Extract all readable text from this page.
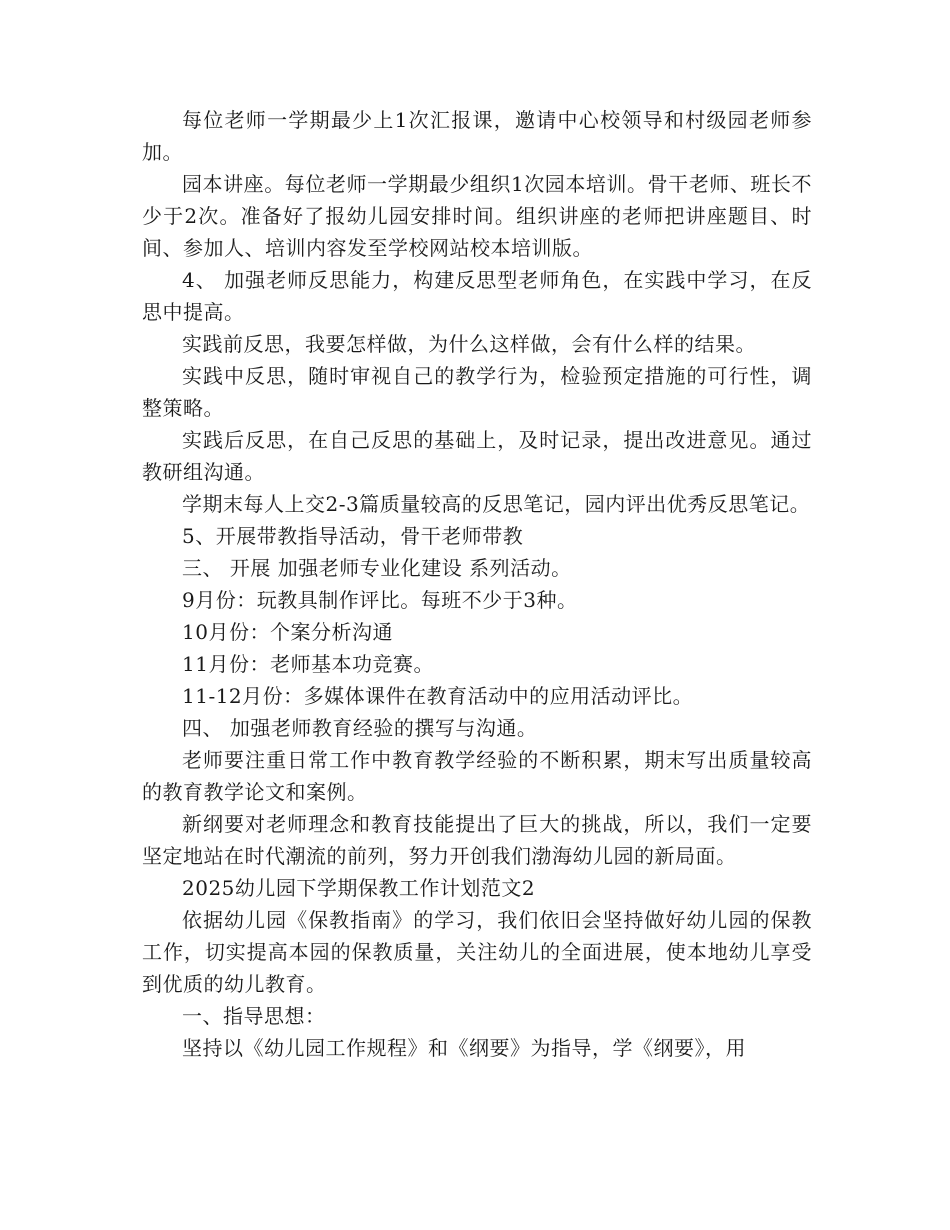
每位老师一学期最少上1次汇报课，邀请中心校领导和村级园老师参加。

园本讲座。每位老师一学期最少组织1次园本培训。骨干老师、班长不少于2次。准备好了报幼儿园安排时间。组织讲座的老师把讲座题目、时间、参加人、培训内容发至学校网站校本培训版。

4、 加强老师反思能力，构建反思型老师角色，在实践中学习，在反思中提高。

实践前反思，我要怎样做，为什么这样做，会有什么样的结果。

实践中反思，随时审视自己的教学行为，检验预定措施的可行性，调整策略。

实践后反思，在自己反思的基础上，及时记录，提出改进意见。通过教研组沟通。

学期末每人上交2-3篇质量较高的反思笔记，园内评出优秀反思笔记。

5、开展带教指导活动，骨干老师带教

三、 开展 加强老师专业化建设 系列活动。

9月份：玩教具制作评比。每班不少于3种。

10月份：个案分析沟通

11月份：老师基本功竞赛。

11-12月份：多媒体课件在教育活动中的应用活动评比。

四、 加强老师教育经验的撰写与沟通。

老师要注重日常工作中教育教学经验的不断积累，期末写出质量较高的教育教学论文和案例。

新纲要对老师理念和教育技能提出了巨大的挑战，所以，我们一定要坚定地站在时代潮流的前列，努力开创我们渤海幼儿园的新局面。

2025幼儿园下学期保教工作计划范文2

依据幼儿园《保教指南》的学习，我们依旧会坚持做好幼儿园的保教工作，切实提高本园的保教质量，关注幼儿的全面进展，使本地幼儿享受到优质的幼儿教育。

一、指导思想：

坚持以《幼儿园工作规程》和《纲要》为指导，学《纲要》，用
